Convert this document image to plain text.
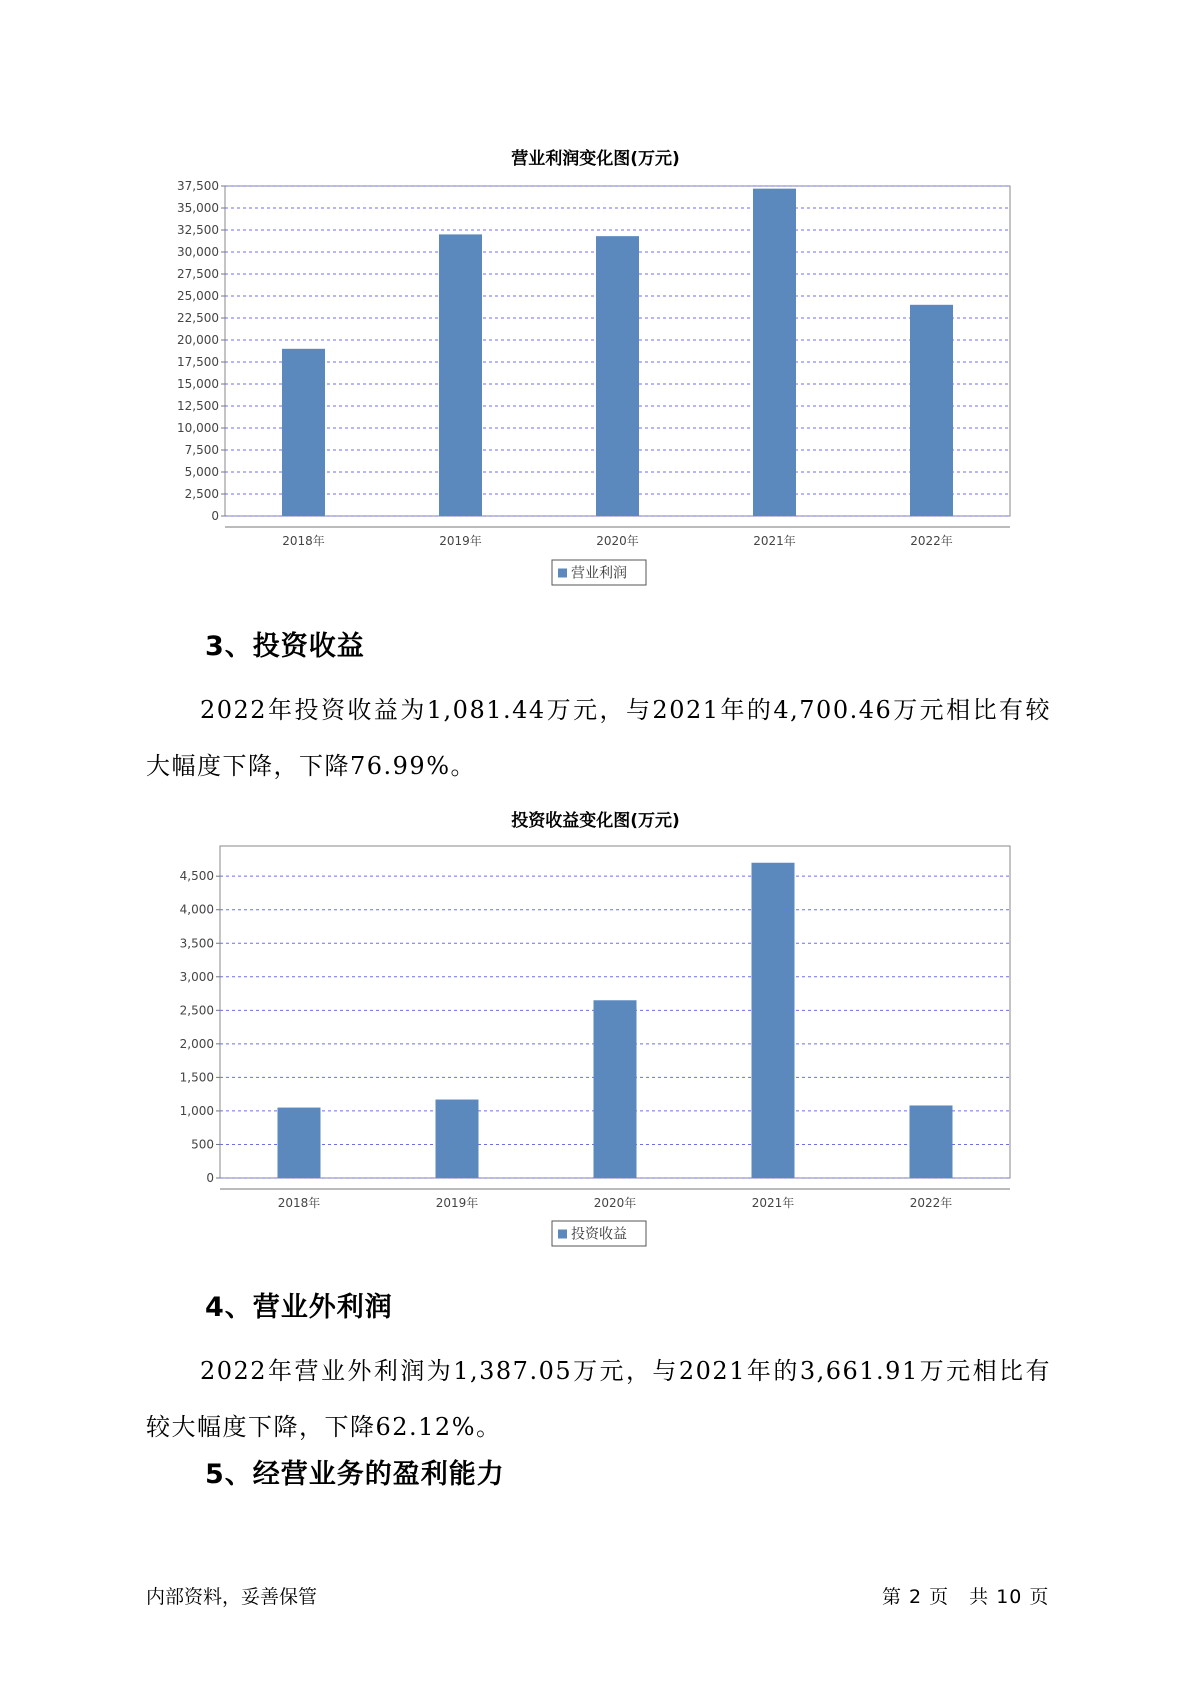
营业利润变化图(万元)
0
2,500
5,000
7,500
10,000
12,500
15,000
17,500
20,000
22,500
25,000
27,500
30,000
32,500
35,000
37,500
2018年	2019年	2020年	2021年	2022年
营业利润
3、投资收益
2022年投资收益为1,081.44万元，与2021年的4,700.46万元相比有较大幅度下降，下降76.99%。
投资收益变化图(万元)
0
500
1,000
1,500
2,000
2,500
3,000
3,500
4,000
4,500
2018年	2019年	2020年	2021年	2022年
投资收益
4、营业外利润
2022年营业外利润为1,387.05万元，与2021年的3,661.91万元相比有较大幅度下降，下降62.12%。
5、经营业务的盈利能力
内部资料，妥善保管	第 2 页　共 10 页
